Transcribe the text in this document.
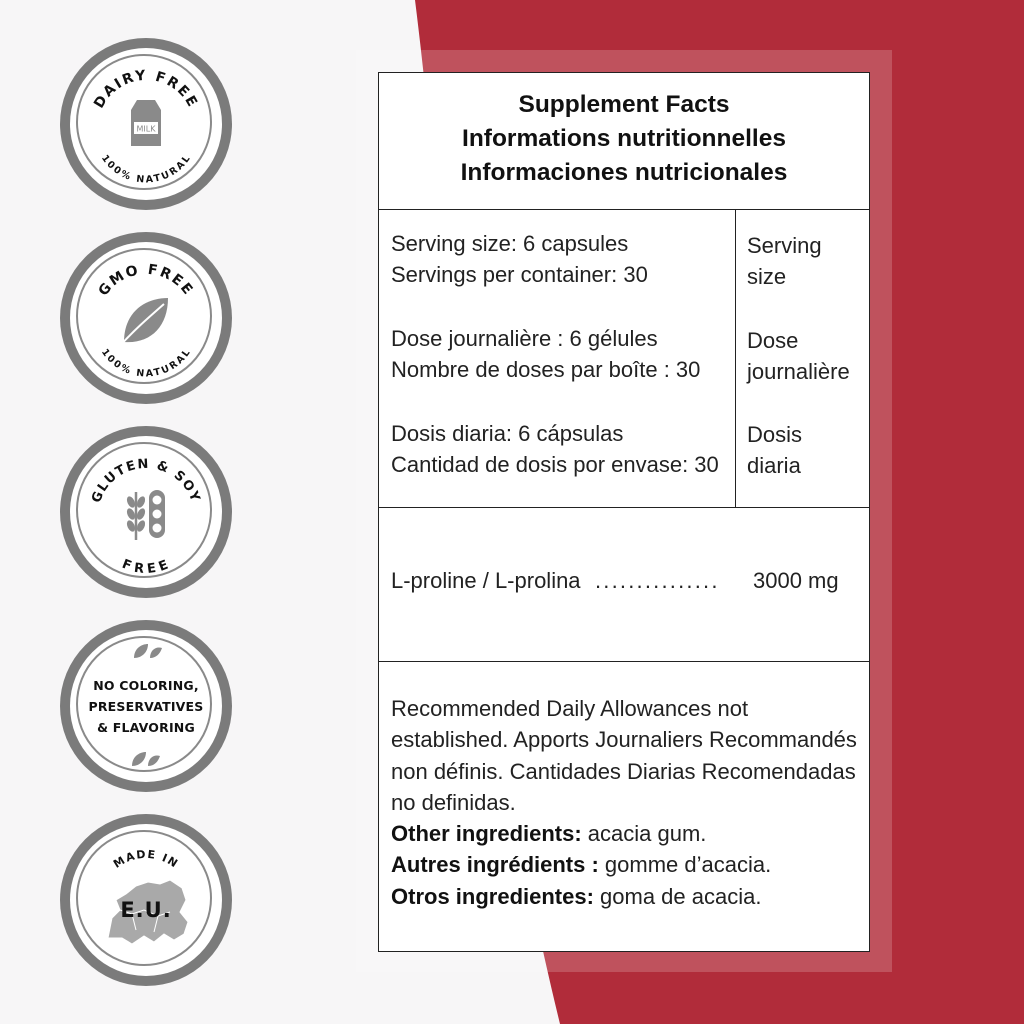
DAIRY FREE
100% NATURAL
MILK
GMO FREE
100% NATURAL
GLUTEN & SOY
FREE
NO COLORING,
PRESERVATIVES
& FLAVORING
MADE IN
E.U.
Supplement Facts
Informations nutritionnelles
Informaciones nutricionales
Serving size: 6 capsules
Servings per container: 30
Dose journalière : 6 gélules
Nombre de doses par boîte : 30
Dosis diaria: 6 cápsulas
Cantidad de dosis por envase: 30
Serving
size
Dose
journalière
Dosis
diaria
L-proline / L-prolina ............... 3000 mg
Recommended Daily Allowances not established. Apports Journaliers Recommandés non définis. Cantidades Diarias Recomendadas no definidas.
Other ingredients: acacia gum.
Autres ingrédients : gomme d’acacia.
Otros ingredientes: goma de acacia.
